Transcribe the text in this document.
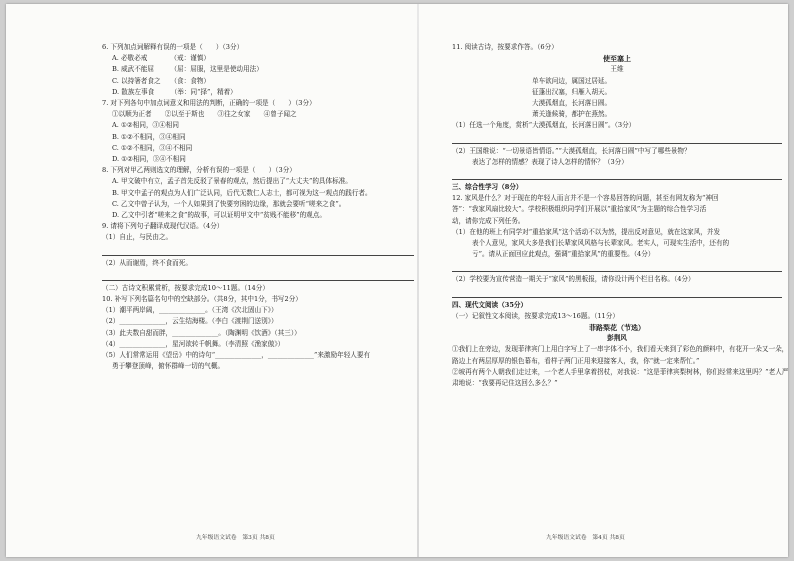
6. 下列加点词解释有误的一项是（　　）（3分）
A. 必敬必戒　　　　（戒：谨慎）
B. 威武不能屈　　　（屈：屈服，这里是使动用法）
C. 以持箸者食之　　（食：食物）
D. 散族左事食　　　（举：同“择”，精着）
7. 对下列各句中加点词意义和用法的判断，正确的一项是（　　）（3分）
①以顺为正者　　②以至于斯也　　③往之女家　　④曾子闻之
A. ①②相同，③④相同
B. ①②不相同，③④相同
C. ①②不相同，③④不相同
D. ①②相同，③④不相同
8. 下列对甲乙两则选文的理解，分析有误的一项是（　　）（3分）
A. 甲文破中有立，孟子首先反驳了景春的观点，然后提出了“大丈夫”的具体标准。
B. 甲文中孟子的观点为人们广泛认同，后代无数仁人志士，都可视为这一观点的践行者。
C. 乙文中曾子认为，一个人如果到了快要穷困的边缘，那就会要听“嗟来之食”。
D. 乙文中引者“嗟来之食”的故事，可以证明甲文中“贫贱不能移”的观点。
9. 请将下列句子翻译成现代汉语。（4分）
（1）自止，与民由之。
（2）从而谢焉，终不食而死。
（二）古诗文积累赏析，按要求完成10～11题。（14分）
10. 补写下列名篇名句中的空缺部分。（共8分，其中1分，书写2分）
（1）潮平两岸阔，______________。（王湾《次北固山下》）
（2）______________，云生结海楼。（李白《渡荆门送别》）
（3）此夫数自甜而胖，______________。（陶渊明《饮酒》（其三））
（4）______________，星河欲转千帆舞。（李清照《渔家傲》）
（5）人们常常运用《望岳》中的诗句“______________，______________”来激励年轻人要有
勇于攀登顶峰，俯怀群峰一切的气概。
11. 阅读古诗，按要求作答。（6分）
使至塞上
王维
单车欲问边，属国过居延。
征蓬出汉塞，归雁入胡天。
大漠孤烟直，长河落日圆。
萧关逢候骑，都护在燕然。
（1）任选一个角度，赏析“大漠孤烟直，长河落日圆”。（3分）
（2）王国维说：“一切景语皆情语。”“大漠孤烟直，长河落日圆”中写了哪些景物？
表达了怎样的情感？表现了诗人怎样的情怀？（3分）
三、综合性学习（8分）
12. 家风是什么？对于现在的年轻人而言并不是一个容易回答的问题，甚至有网友称为“神回
答”：“我家风扇比较大”。学校积极组织同学们开展以“重拾家风”为主题的综合性学习活
动，请你完成下列任务。
（1）在他的班上有同学对“重拾家风”这个活动不以为然，提出反对意见，就在这家风，并发
表个人意见，家风大多是我们长辈家风风格与长辈家风。老实人，可现实生活中，还有的
亏”。请从正面回应此观点，强调“重拾家风”的重要性。（4分）
（2）学校要为宣传营造一期关于“家风”的黑板报，请你设计两个栏目名称。（4分）
四、现代文阅读（35分）
（一）记叙性文本阅读，按要求完成13～16题。（11分）
菲路梨花（节选）
彭荆风
①我们上在旁边，发现菲律宾门上用白字写上了一串字体不小，我们看天来到了彩色的颜料中，有花开一朵又一朵，
路边上有两层厚厚的银色幕布，看样子两门正用来迎接客人，我，你“就一定来帮忙。”
②坡再有两个人朝我们走过来，一个老人手里拿着拐杖，对我说：“这是菲律宾梨树林，你们经常来这里吗？”老人严
肃地说：“我要再记住这回么多么？”
九年级语文试卷　第3页 共8页	九年级语文试卷　第4页 共8页
